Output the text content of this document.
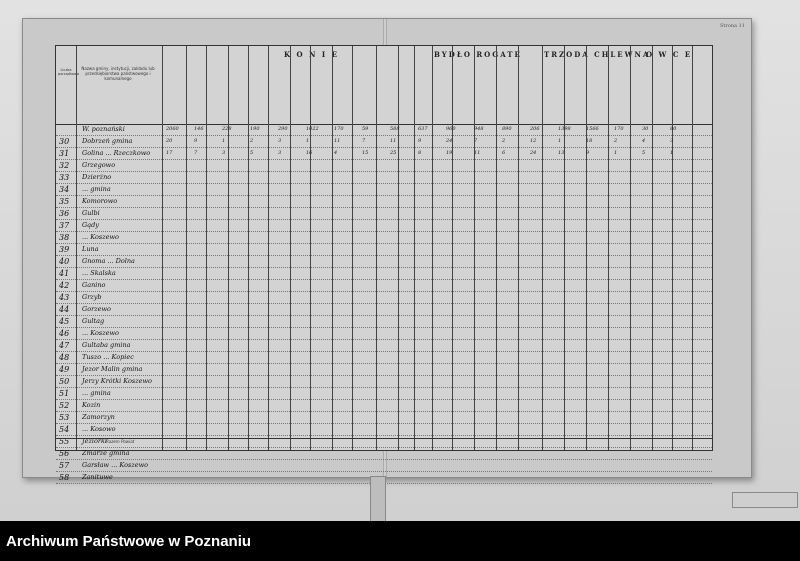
Strona 11
Liczba porządkowa
Nazwa gminy, instytucji, zakładu lub przedsiębiorstwa państwowego i komunalnego
K O N I E	BYDŁO ROGATE	TRZODA CHLEWNA
O W C E
W. poznański	2060	146	228	190	290	1022	170	59	588	637	960	948	890	206	1398	1566	170	30	80
30 Dobrzeń gmina	20	9	1	2	3	1	11	7	11	9	24	7	2	12	1	18	2	4	3
31 Golina ... Rzeczkowo	17	7	3	5	3	16	4	15	25	8	19	11	6	24	13	9	1	5	1
32 Grzegowo
33 Dzierżno
34 ... gmina
35 Komorowo
36 Gulbi
37 Gądy
38 ... Koszewo
39 Luna
40 Gnoma ... Dolna
41 ... Skalska
42 Ganino
43 Grzyb
44 Gorzewo
45 Gultag
46 ... Koszewo
47 Gultaba gmina
48 Tuszo ... Kopiec
49 Jezor Malin gmina
50 Jerzy Krótki Koszewo
51 ... gmina
52 Kozin
53 Zamorzyn
54 ... Kosowo
55 Jeziorki
56 Zmarze gmina
57 Garsław ... Koszewo
58 Zanituwe
Razem Powiat
Archiwum Państwowe w Poznaniu
